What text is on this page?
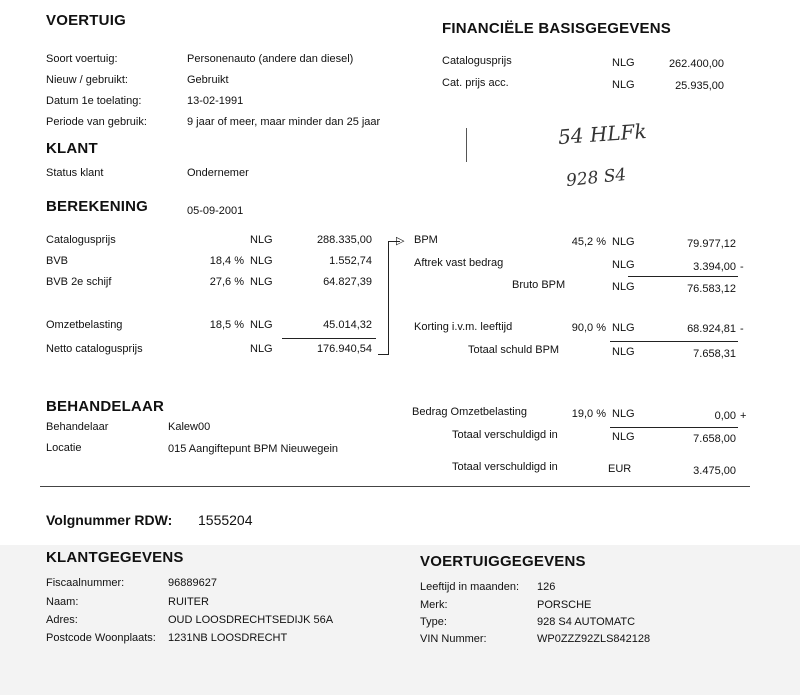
VOERTUIG
Soort voertuig:	Personenauto (andere dan diesel)
Nieuw / gebruikt:	Gebruikt
Datum 1e toelating:	13-02-1991
Periode van gebruik:	9 jaar of meer, maar minder dan 25 jaar
FINANCIËLE BASISGEGEVENS
Catalogusprijs	NLG	262.400,00
Cat. prijs acc.	NLG	25.935,00
54 HLFk
928 S4
KLANT
Status klant	Ondernemer
BEREKENING	05-09-2001
Catalogusprijs	NLG	288.335,00
BVB	18,4 % NLG	1.552,74
BVB 2e schijf	27,6 % NLG	64.827,39
Omzetbelasting	18,5 % NLG	45.014,32
Netto catalogusprijs	NLG	176.940,54
▷ BPM	45,2 % NLG	79.977,12
Aftrek vast bedrag	NLG	3.394,00 -
Bruto BPM	NLG	76.583,12
Korting i.v.m. leeftijd	90,0 % NLG	68.924,81 -
Totaal schuld BPM	NLG	7.658,31
BEHANDELAAR
Behandelaar	Kalew00
Locatie	015 Aangiftepunt BPM Nieuwegein
Bedrag Omzetbelasting	19,0 % NLG	0,00 +
Totaal verschuldigd in	NLG	7.658,00
Totaal verschuldigd in	EUR	3.475,00
Volgnummer RDW: 1555204
KLANTGEGEVENS
Fiscaalnummer:	96889627
Naam:	RUITER
Adres:	OUD LOOSDRECHTSEDIJK 56A
Postcode Woonplaats: 1231NB LOOSDRECHT
VOERTUIGGEGEVENS
Leeftijd in maanden: 126
Merk:	PORSCHE
Type:	928 S4 AUTOMATC
VIN Nummer:	WP0ZZZ92ZLS842128
